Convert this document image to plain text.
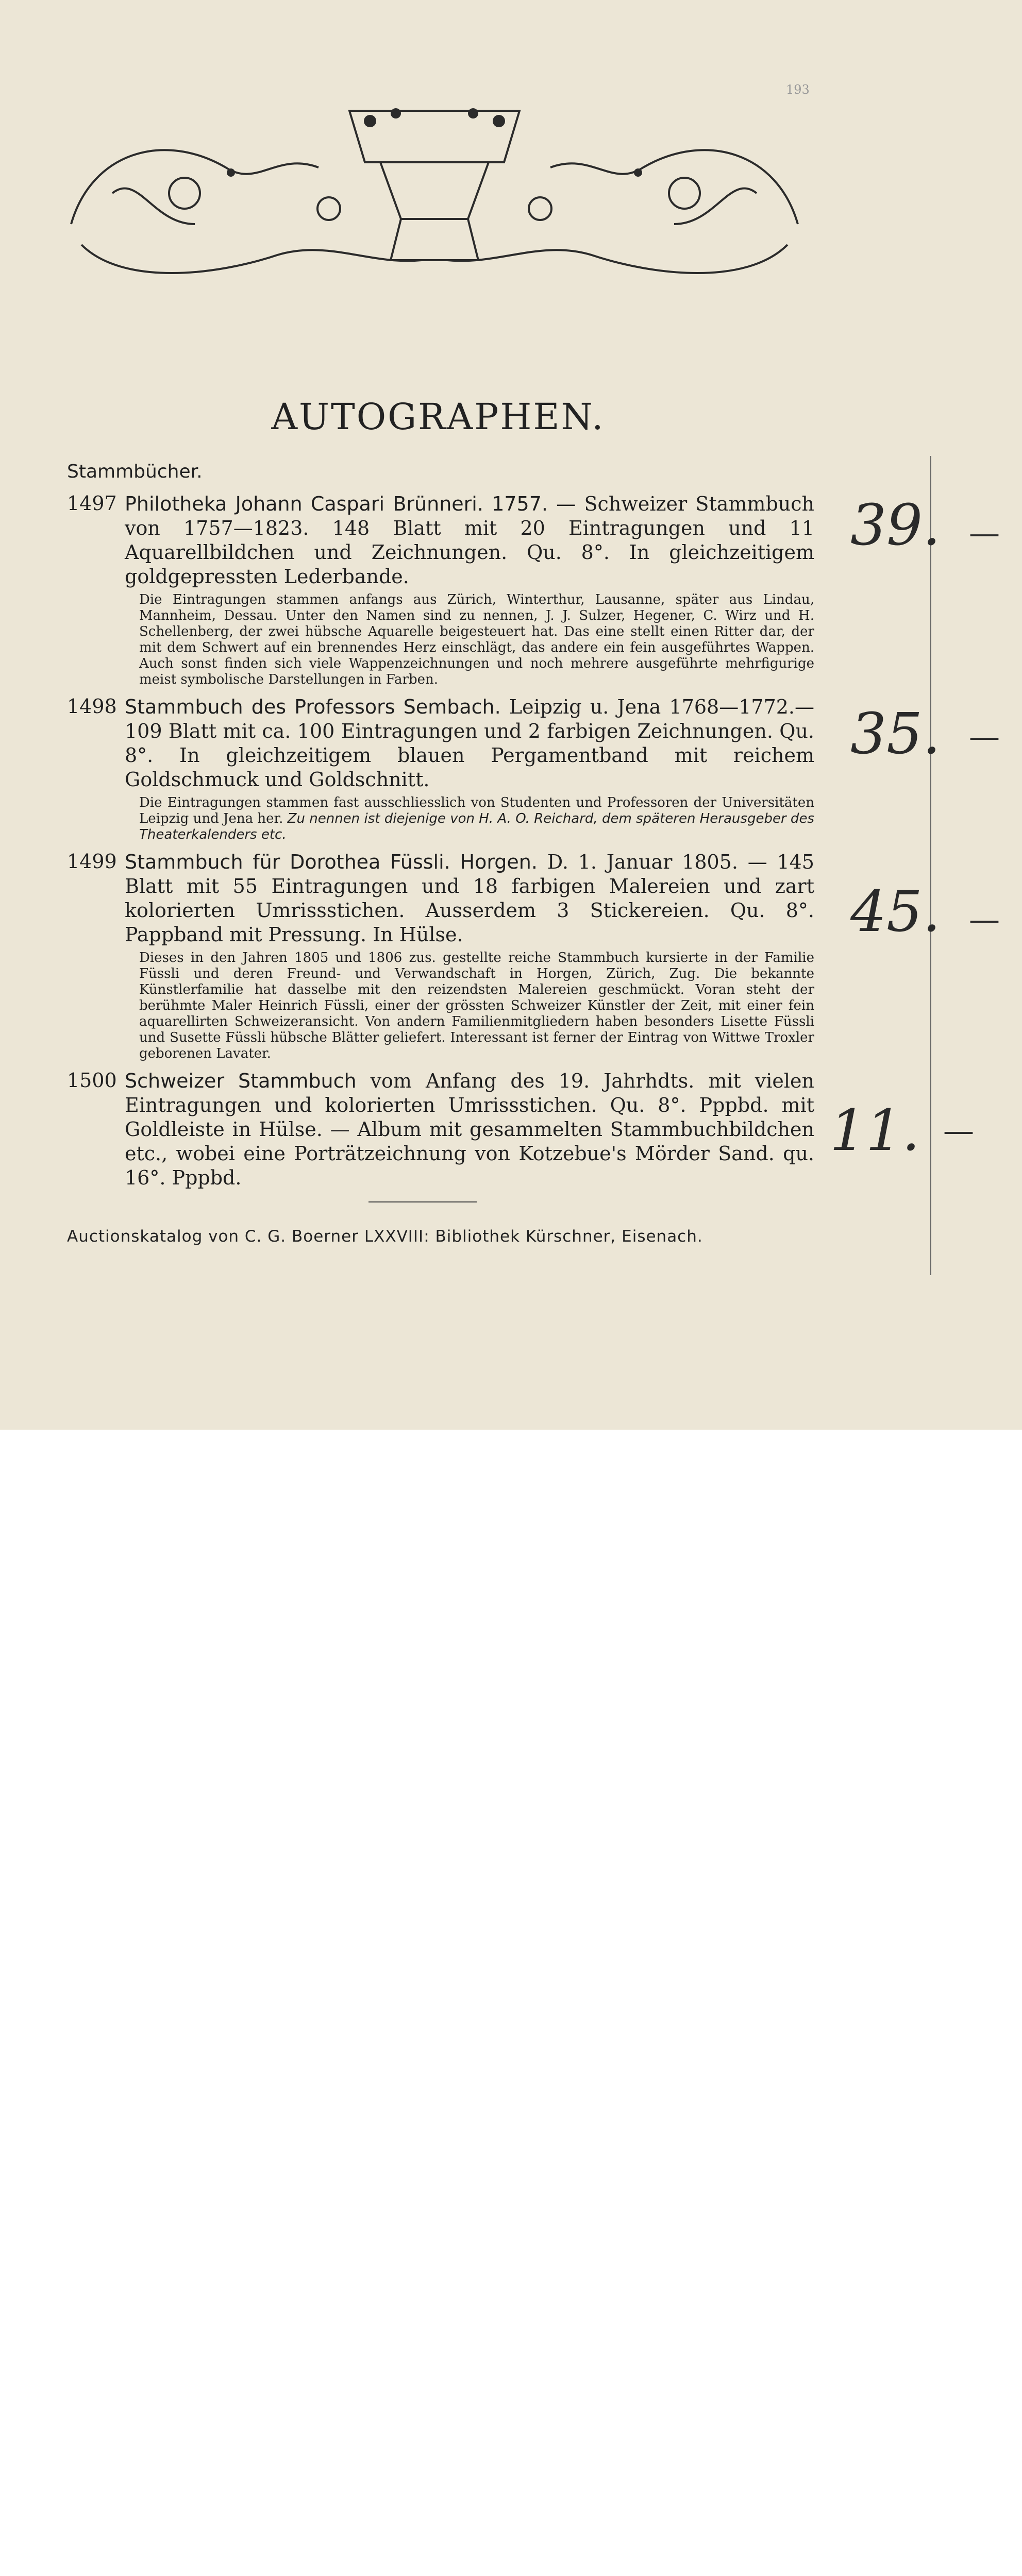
193
AUTOGRAPHEN.
Stammbücher.
1497 Philotheka Johann Caspari Brünneri. 1757. — Schweizer Stammbuch von 1757—1823. 148 Blatt mit 20 Eintragungen und 11 Aquarellbildchen und Zeichnungen. Qu. 8°. In gleichzeitigem goldgepressten Lederbande.
Die Eintragungen stammen anfangs aus Zürich, Winterthur, Lausanne, später aus Lindau, Mannheim, Dessau. Unter den Namen sind zu nennen, J. J. Sulzer, Hegener, C. Wirz und H. Schellenberg, der zwei hübsche Aquarelle beigesteuert hat. Das eine stellt einen Ritter dar, der mit dem Schwert auf ein brennendes Herz einschlägt, das andere ein fein ausgeführtes Wappen. Auch sonst finden sich viele Wappenzeichnungen und noch mehrere ausgeführte mehrfigurige meist symbolische Darstellungen in Farben.
1498 Stammbuch des Professors Sembach. Leipzig u. Jena 1768—1772.— 109 Blatt mit ca. 100 Eintragungen und 2 farbigen Zeichnungen. Qu. 8°. In gleichzeitigem blauen Pergamentband mit reichem Goldschmuck und Goldschnitt.
Die Eintragungen stammen fast ausschliesslich von Studenten und Professoren der Universitäten Leipzig und Jena her. Zu nennen ist diejenige von H. A. O. Reichard, dem späteren Herausgeber des Theaterkalenders etc.
1499 Stammbuch für Dorothea Füssli. Horgen. D. 1. Januar 1805. — 145 Blatt mit 55 Eintragungen und 18 farbigen Malereien und zart kolorierten Umrissstichen. Ausserdem 3 Stickereien. Qu. 8°. Pappband mit Pressung. In Hülse.
Dieses in den Jahren 1805 und 1806 zus. gestellte reiche Stammbuch kursierte in der Familie Füssli und deren Freund- und Verwandschaft in Horgen, Zürich, Zug. Die bekannte Künstlerfamilie hat dasselbe mit den reizendsten Malereien geschmückt. Voran steht der berühmte Maler Heinrich Füssli, einer der grössten Schweizer Künstler der Zeit, mit einer fein aquarellirten Schweizeransicht. Von andern Familienmitgliedern haben besonders Lisette Füssli und Susette Füssli hübsche Blätter geliefert. Interessant ist ferner der Eintrag von Wittwe Troxler geborenen Lavater.
1500 Schweizer Stammbuch vom Anfang des 19. Jahrhdts. mit vielen Eintragungen und kolorierten Umrissstichen. Qu. 8°. Pppbd. mit Goldleiste in Hülse. — Album mit gesammelten Stammbuchbildchen etc., wobei eine Porträtzeichnung von Kotzebue's Mörder Sand. qu. 16°. Pppbd.
39. —
35. —
45. —
11. —
Auctionskatalog von C. G. Boerner LXXVIII: Bibliothek Kürschner, Eisenach.
